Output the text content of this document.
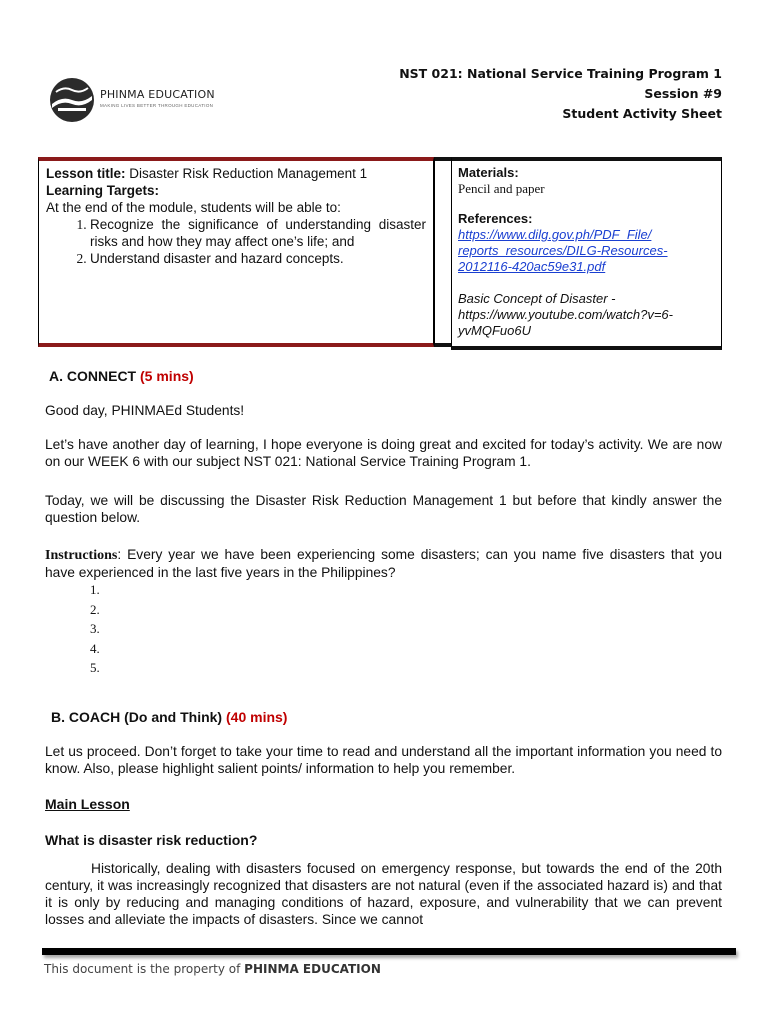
PHINMA EDUCATION
MAKING LIVES BETTER THROUGH EDUCATION
NST 021: National Service Training Program 1
Session #9
Student Activity Sheet
Lesson title: Disaster Risk Reduction Management 1
Learning Targets:
At the end of the module, students will be able to:
1. Recognize the significance of understanding disaster risks and how they may affect one’s life; and
2. Understand disaster and hazard concepts.
Materials:
Pencil and paper
References:
https://www.dilg.gov.ph/PDF_File/
reports_resources/DILG-Resources-
2012116-420ac59e31.pdf
Basic Concept of Disaster -
https://www.youtube.com/watch?v=6-
yvMQFuo6U
A. CONNECT (5 mins)
Good day, PHINMAEd Students!
Let’s have another day of learning, I hope everyone is doing great and excited for today’s activity. We are now on our WEEK 6 with our subject NST 021: National Service Training Program 1.
Today, we will be discussing the Disaster Risk Reduction Management 1 but before that kindly answer the question below.
Instructions: Every year we have been experiencing some disasters; can you name five disasters that you have experienced in the last five years in the Philippines?
1.
2.
3.
4.
5.
B. COACH (Do and Think) (40 mins)
Let us proceed. Don’t forget to take your time to read and understand all the important information you need to know. Also, please highlight salient points/ information to help you remember.
Main Lesson
What is disaster risk reduction?
Historically, dealing with disasters focused on emergency response, but towards the end of the 20th century, it was increasingly recognized that disasters are not natural (even if the associated hazard is) and that it is only by reducing and managing conditions of hazard, exposure, and vulnerability that we can prevent losses and alleviate the impacts of disasters. Since we cannot
This document is the property of PHINMA EDUCATION
